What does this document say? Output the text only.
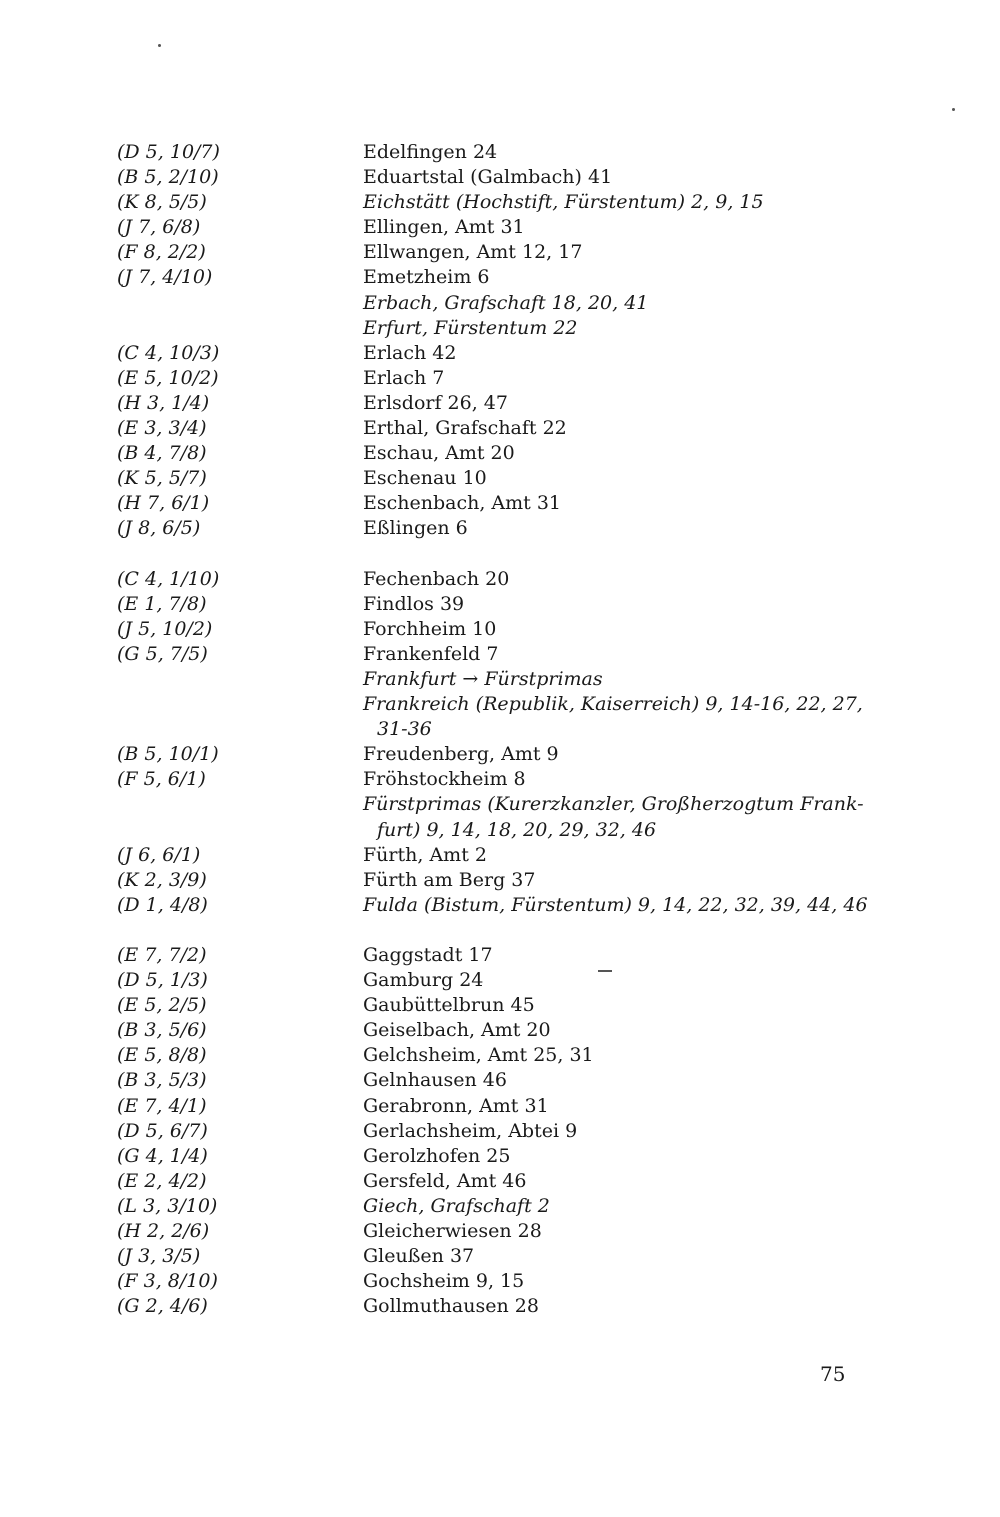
(D 5, 10/7)	Edelfingen 24
(B 5, 2/10)	Eduartstal (Galmbach) 41
(K 8, 5/5)	Eichstätt (Hochstift, Fürstentum) 2, 9, 15
(J 7, 6/8)	Ellingen, Amt 31
(F 8, 2/2)	Ellwangen, Amt 12, 17
(J 7, 4/10)	Emetzheim 6
Erbach, Grafschaft 18, 20, 41
Erfurt, Fürstentum 22
(C 4, 10/3)	Erlach 42
(E 5, 10/2)	Erlach 7
(H 3, 1/4)	Erlsdorf 26, 47
(E 3, 3/4)	Erthal, Grafschaft 22
(B 4, 7/8)	Eschau, Amt 20
(K 5, 5/7)	Eschenau 10
(H 7, 6/1)	Eschenbach, Amt 31
(J 8, 6/5)	Eßlingen 6
(C 4, 1/10)	Fechenbach 20
(E 1, 7/8)	Findlos 39
(J 5, 10/2)	Forchheim 10
(G 5, 7/5)	Frankenfeld 7
Frankfurt → Fürstprimas
Frankreich (Republik, Kaiserreich) 9, 14-16, 22, 27,
31-36
(B 5, 10/1)	Freudenberg, Amt 9
(F 5, 6/1)	Fröhstockheim 8
Fürstprimas (Kurerzkanzler, Großherzogtum Frank-
furt) 9, 14, 18, 20, 29, 32, 46
(J 6, 6/1)	Fürth, Amt 2
(K 2, 3/9)	Fürth am Berg 37
(D 1, 4/8)	Fulda (Bistum, Fürstentum) 9, 14, 22, 32, 39, 44, 46
(E 7, 7/2)	Gaggstadt 17
(D 5, 1/3)	Gamburg 24
(E 5, 2/5)	Gaubüttelbrun 45
(B 3, 5/6)	Geiselbach, Amt 20
(E 5, 8/8)	Gelchsheim, Amt 25, 31
(B 3, 5/3)	Gelnhausen 46
(E 7, 4/1)	Gerabronn, Amt 31
(D 5, 6/7)	Gerlachsheim, Abtei 9
(G 4, 1/4)	Gerolzhofen 25
(E 2, 4/2)	Gersfeld, Amt 46
(L 3, 3/10)	Giech, Grafschaft 2
(H 2, 2/6)	Gleicherwiesen 28
(J 3, 3/5)	Gleußen 37
(F 3, 8/10)	Gochsheim 9, 15
(G 2, 4/6)	Gollmuthausen 28
75
